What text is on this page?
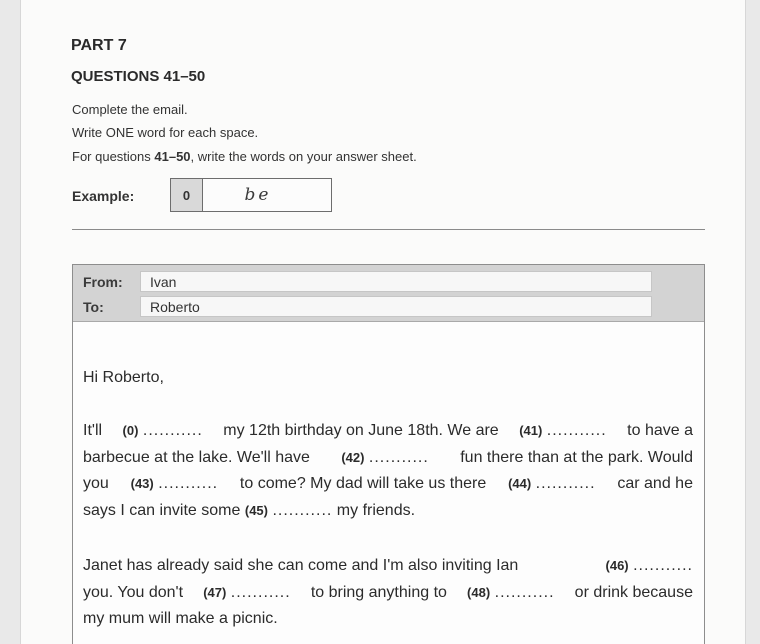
PART 7
QUESTIONS 41–50
Complete the email.
Write ONE word for each space.
For questions 41–50, write the words on your answer sheet.
Example:	0	be
From:	Ivan
To:	Roberto
Hi Roberto,
It'll (0) ........... my 12th birthday on June 18th. We are (41) ........... to have a
barbecue at the lake. We'll have (42) ........... fun there than at the park. Would
you (43) ........... to come? My dad will take us there (44) ........... car and he
says I can invite some (45) ........... my friends.
Janet has already said she can come and I'm also inviting Ian	(46) ...........
you. You don't (47) ........... to bring anything to (48) ........... or drink because
my mum will make a picnic.
